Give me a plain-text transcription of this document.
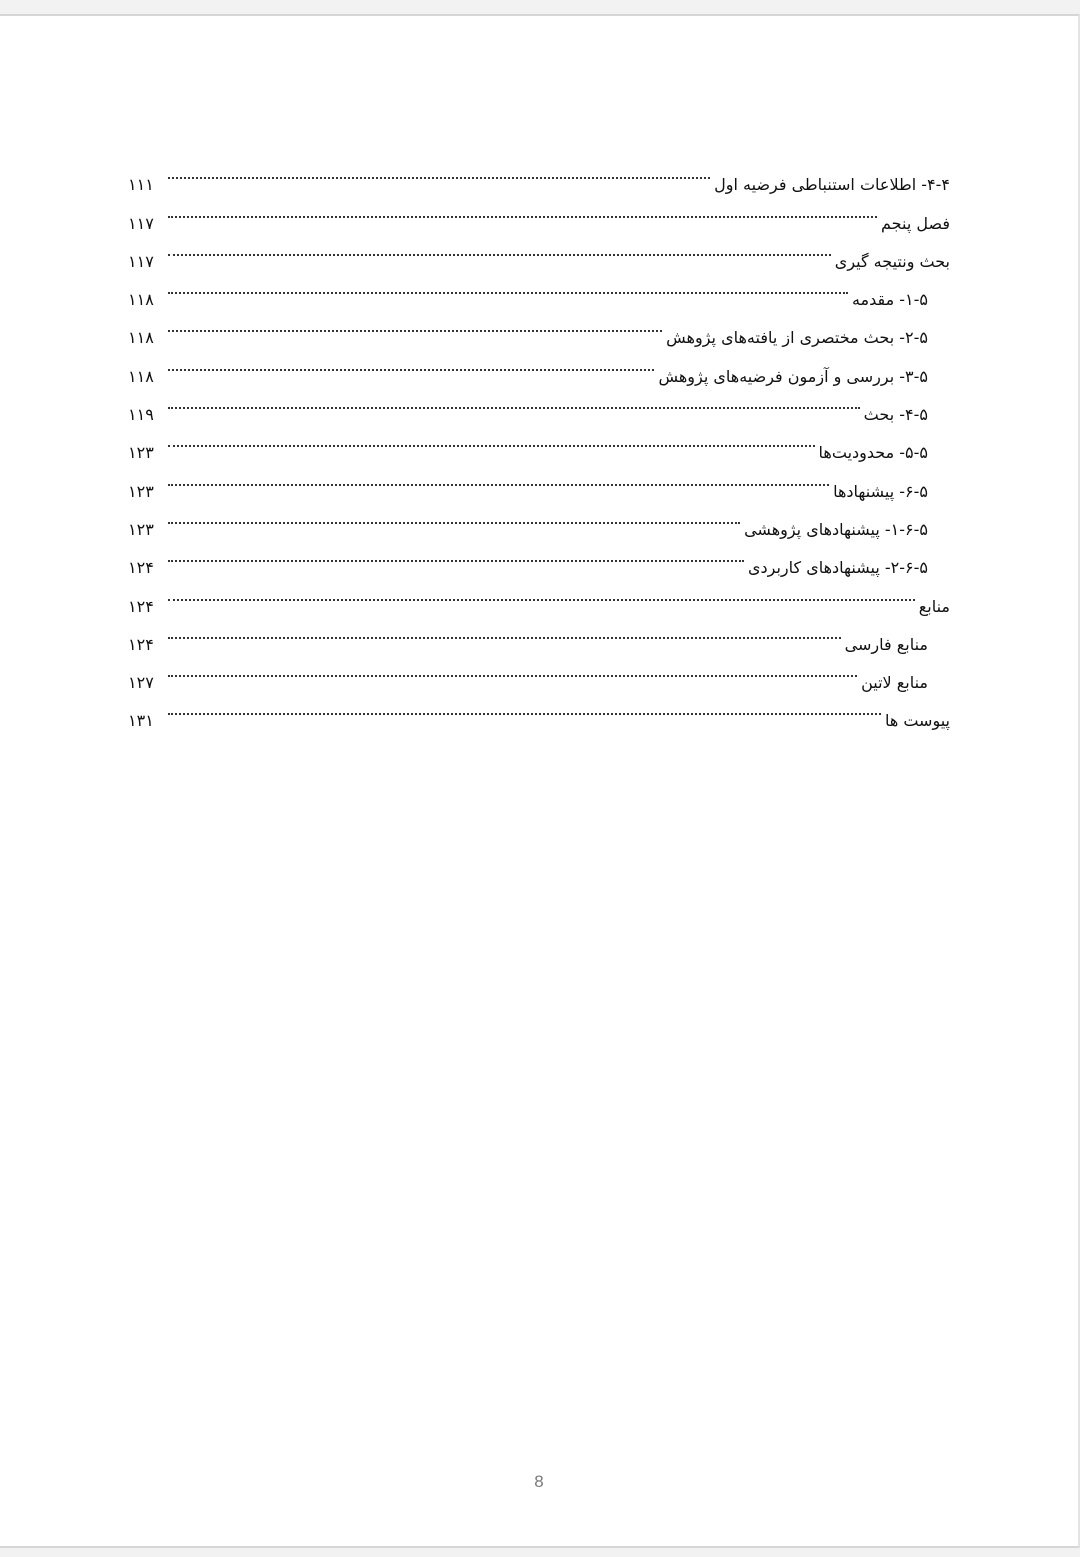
۴-۴- اطلاعات استنباطی فرضیه اول
۱۱۱
فصل پنجم
۱۱۷
بحث ونتیجه گیری
۱۱۷
۱-۵- مقدمه
۱۱۸
۲-۵- بحث مختصری از یافته‌های پژوهش
۱۱۸
۳-۵- بررسی و آزمون فرضیه‌های پژوهش
۱۱۸
۴-۵- بحث
۱۱۹
۵-۵- محدودیت‌ها
۱۲۳
۶-۵- پیشنهادها
۱۲۳
۱-۶-۵- پیشنهادهای پژوهشی
۱۲۳
۲-۶-۵- پیشنهادهای کاربردی
۱۲۴
منابع
۱۲۴
منابع فارسی
۱۲۴
منابع لاتین
۱۲۷
پیوست ها
۱۳۱
8
